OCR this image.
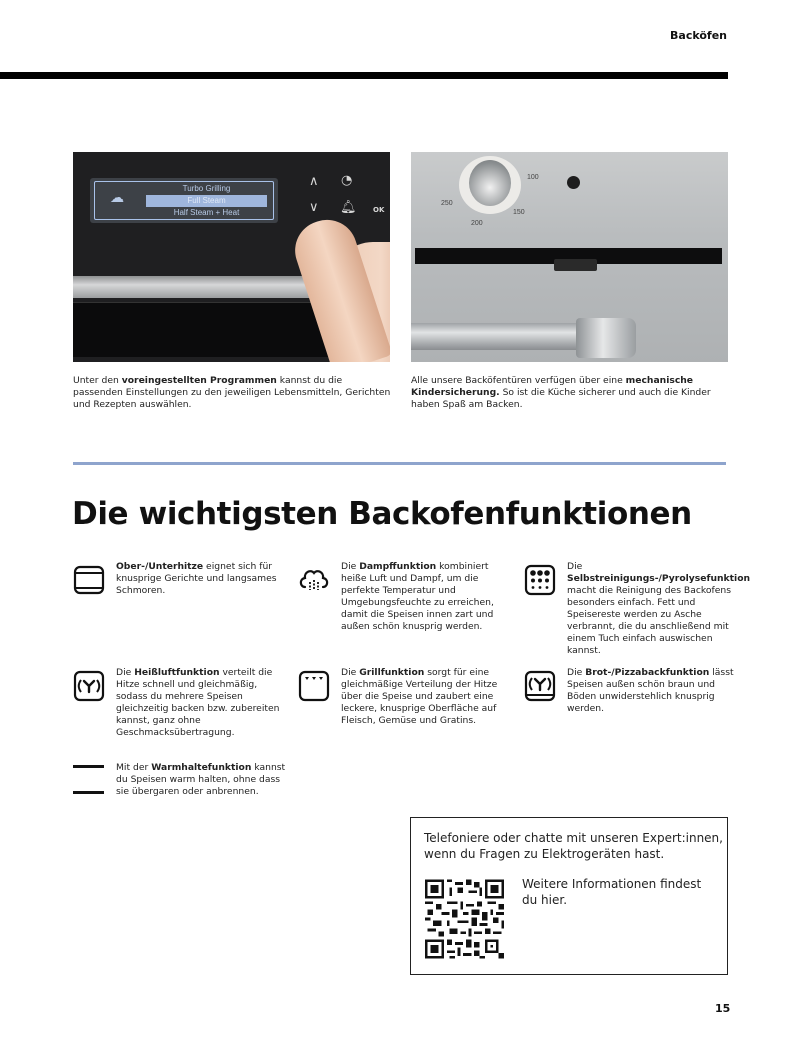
Backöfen
☁
Turbo Grilling
Full Steam
Half Steam + Heat
∧
∨
◔
🔔︎ OK
100
150
200
250

Unter den voreingestellten Programmen kannst du die passenden Einstellungen zu den jeweiligen Lebensmitteln, Gerichten und Rezepten auswählen.

Alle unsere Backöfentüren verfügen über eine mechanische Kindersicherung. So ist die Küche sicherer und auch die Kinder haben Spaß am Backen.

Die wichtigsten Backofenfunktionen

Ober-/Unterhitze eignet sich für knusprige Gerichte und langsames Schmoren.

Die Dampffunktion kombiniert heiße Luft und Dampf, um die perfekte Temperatur und Umgebungsfeuchte zu erreichen, damit die Speisen innen zart und außen schön knusprig werden.

Die Selbstreinigungs-/Pyrolysefunktion macht die Reinigung des Backofens besonders einfach. Fett und Speisereste werden zu Asche verbrannt, die du anschließend mit einem Tuch einfach auswischen kannst.

Die Heißluftfunktion verteilt die Hitze schnell und gleichmäßig, sodass du mehrere Speisen gleichzeitig backen bzw. zubereiten kannst, ganz ohne Geschmacksübertragung.

Die Grillfunktion sorgt für eine gleichmäßige Verteilung der Hitze über die Speise und zaubert eine leckere, knusprige Oberfläche auf Fleisch, Gemüse und Gratins.

Die Brot-/Pizzabackfunktion lässt Speisen außen schön braun und Böden unwiderstehlich knusprig werden.

Mit der Warmhaltefunktion kannst du Speisen warm halten, ohne dass sie übergaren oder anbrennen.

Telefoniere oder chatte mit unseren Expert:innen, wenn du Fragen zu Elektrogeräten hast.

Weitere Informationen findest du hier.

15
